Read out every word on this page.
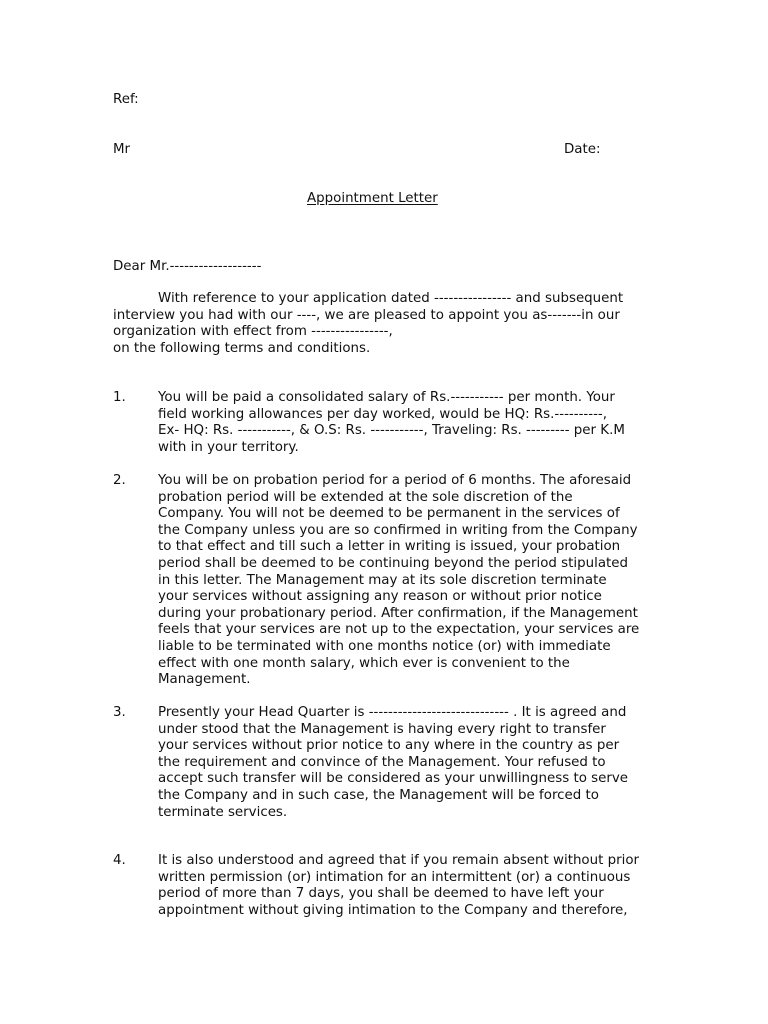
Ref:
Mr	Date:
Appointment Letter
Dear Mr.-------------------
With reference to your application dated ---------------- and subsequent
interview you had with our ----, we are pleased to appoint you as-------in our
organization with effect from ----------------,
on the following terms and conditions.
1. You will be paid a consolidated salary of Rs.----------- per month. Your
field working allowances per day worked, would be HQ: Rs.----------,
Ex- HQ: Rs. -----------, & O.S: Rs. -----------, Traveling: Rs. --------- per K.M
with in your territory.
2. You will be on probation period for a period of 6 months. The aforesaid
probation period will be extended at the sole discretion of the
Company. You will not be deemed to be permanent in the services of
the Company unless you are so confirmed in writing from the Company
to that effect and till such a letter in writing is issued, your probation
period shall be deemed to be continuing beyond the period stipulated
in this letter. The Management may at its sole discretion terminate
your services without assigning any reason or without prior notice
during your probationary period. After confirmation, if the Management
feels that your services are not up to the expectation, your services are
liable to be terminated with one months notice (or) with immediate
effect with one month salary, which ever is convenient to the
Management.
3. Presently your Head Quarter is ----------------------------- . It is agreed and
under stood that the Management is having every right to transfer
your services without prior notice to any where in the country as per
the requirement and convince of the Management. Your refused to
accept such transfer will be considered as your unwillingness to serve
the Company and in such case, the Management will be forced to
terminate services.
4. It is also understood and agreed that if you remain absent without prior
written permission (or) intimation for an intermittent (or) a continuous
period of more than 7 days, you shall be deemed to have left your
appointment without giving intimation to the Company and therefore,
